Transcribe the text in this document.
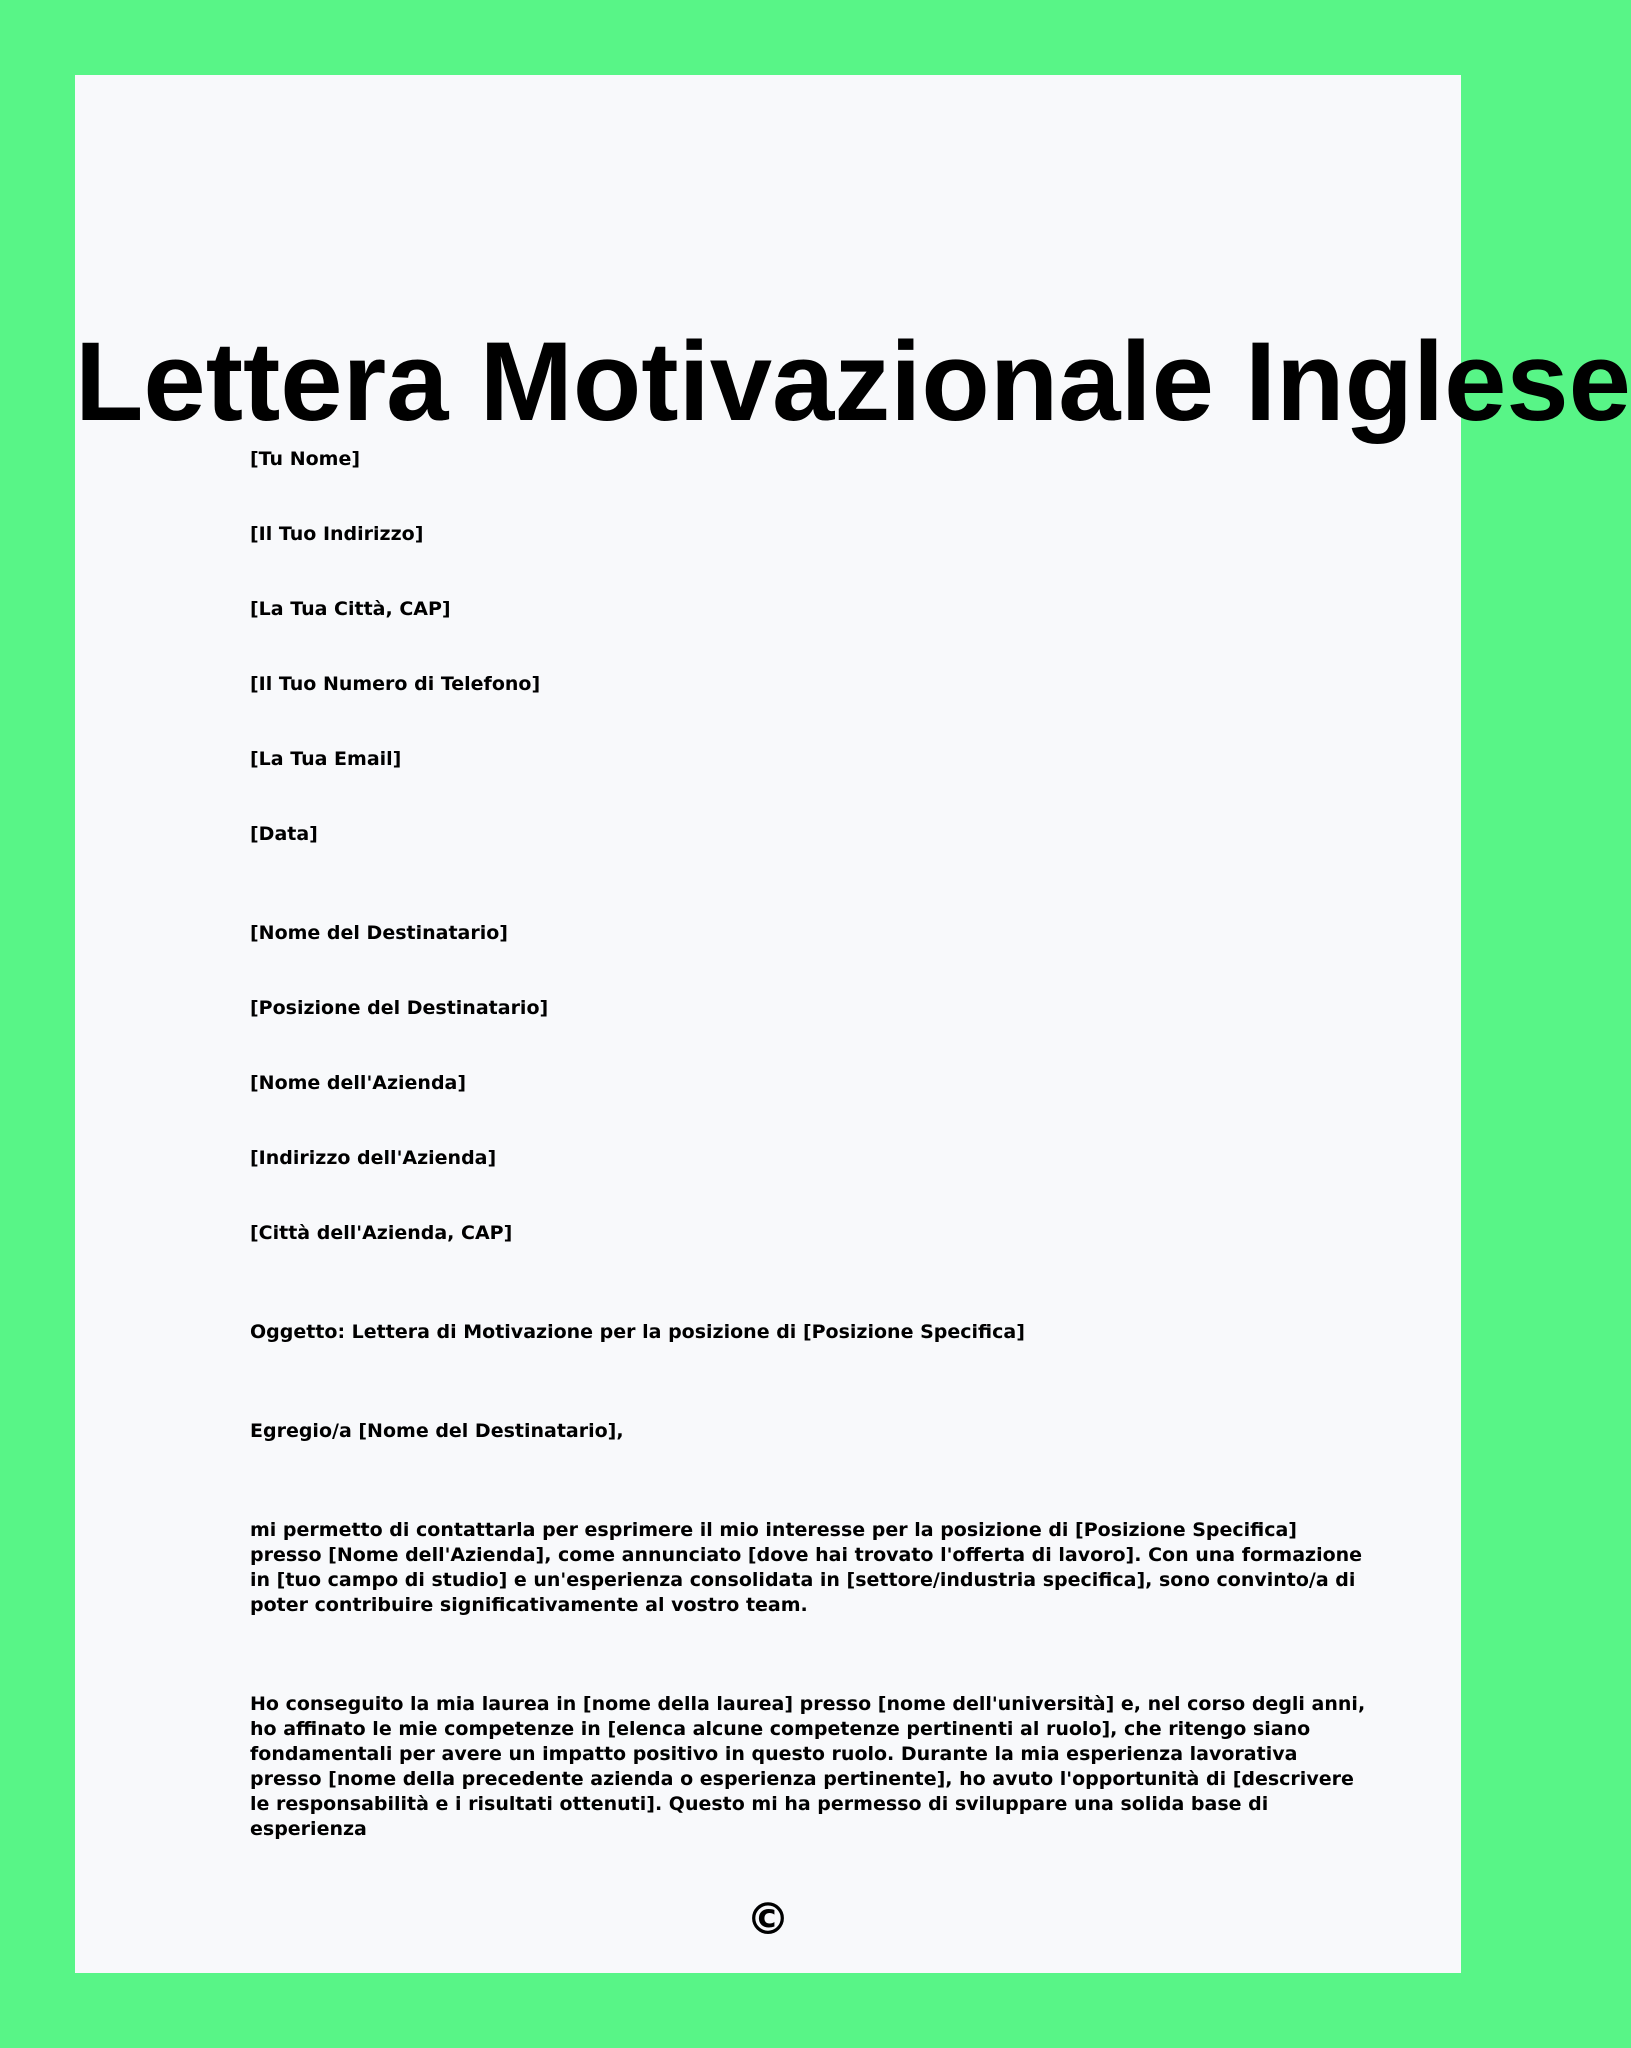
Lettera Motivazionale Inglese
[Tu Nome]
[Il Tuo Indirizzo]
[La Tua Città, CAP]
[Il Tuo Numero di Telefono]
[La Tua Email]
[Data]
[Nome del Destinatario]
[Posizione del Destinatario]
[Nome dell'Azienda]
[Indirizzo dell'Azienda]
[Città dell'Azienda, CAP]
Oggetto: Lettera di Motivazione per la posizione di [Posizione Specifica]
Egregio/a [Nome del Destinatario],

mi permetto di contattarla per esprimere il mio interesse per la posizione di [Posizione Specifica] presso [Nome dell'Azienda], come annunciato [dove hai trovato l'offerta di lavoro]. Con una formazione in [tuo campo di studio] e un'esperienza consolidata in [settore/industria specifica], sono convinto/a di poter contribuire significativamente al vostro team.

Ho conseguito la mia laurea in [nome della laurea] presso [nome dell'università] e, nel corso degli anni, ho affinato le mie competenze in [elenca alcune competenze pertinenti al ruolo], che ritengo siano fondamentali per avere un impatto positivo in questo ruolo. Durante la mia esperienza lavorativa presso [nome della precedente azienda o esperienza pertinente], ho avuto l'opportunità di [descrivere le responsabilità e i risultati ottenuti]. Questo mi ha permesso di sviluppare una solida base di esperienza

©
